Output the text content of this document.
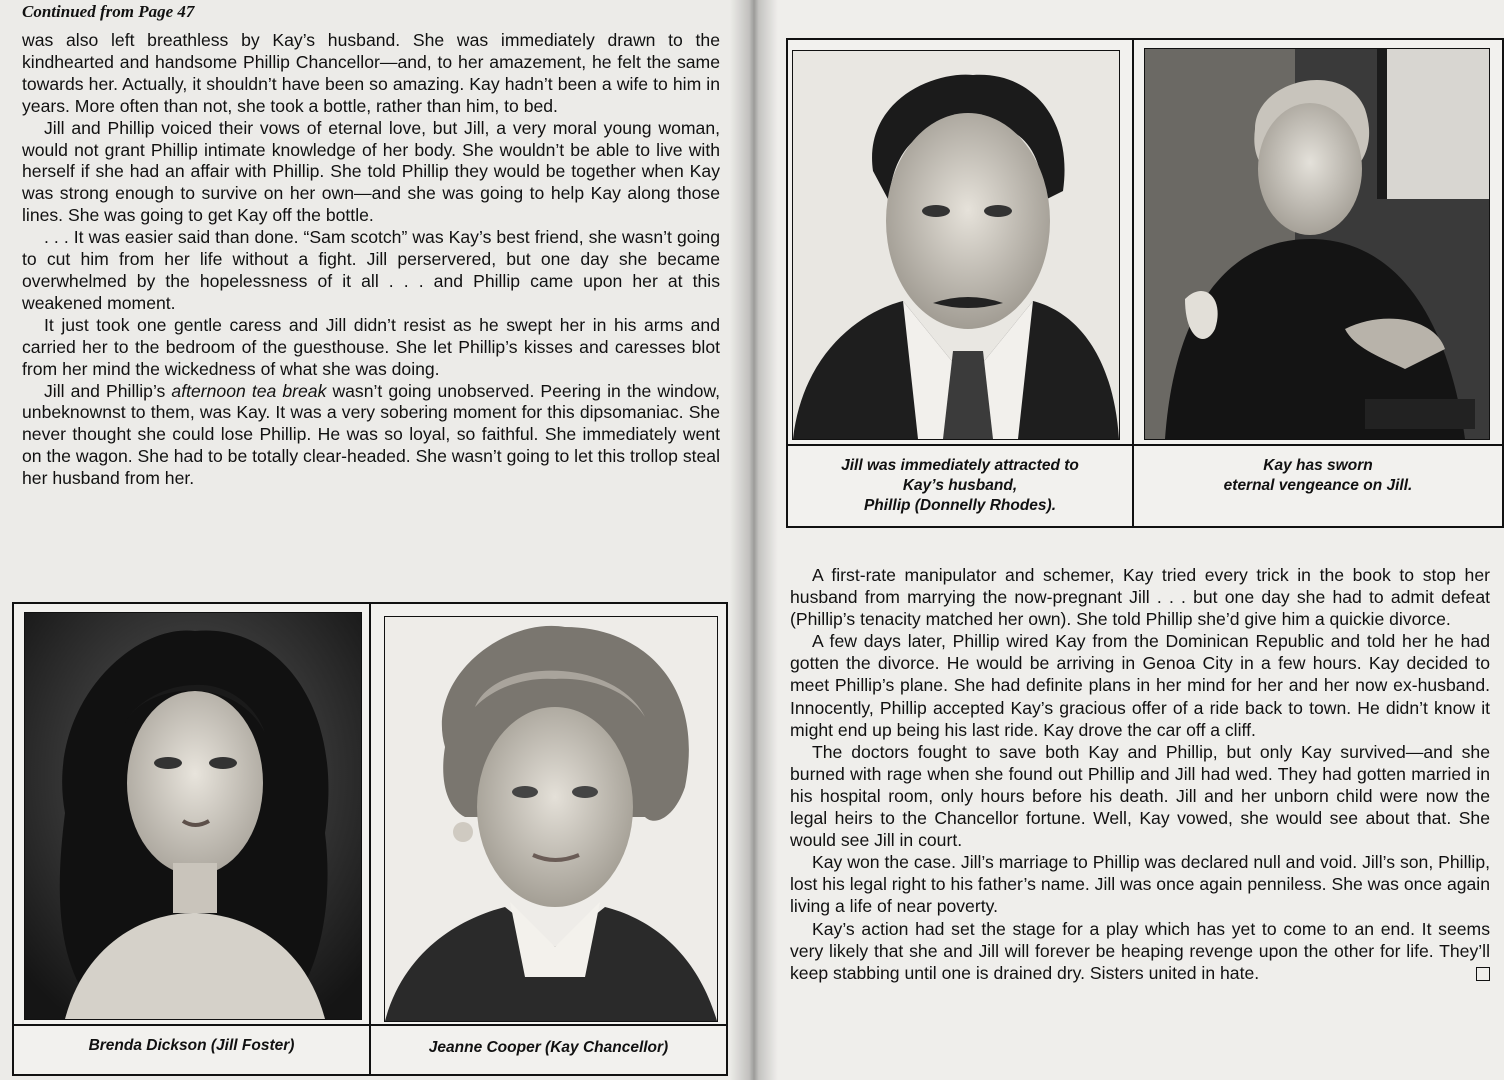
Continued from Page 47

was also left breathless by Kay’s husband. She was immediately drawn to the kindhearted and handsome Phillip Chancellor—and, to her amazement, he felt the same towards her. Actually, it shouldn’t have been so amazing. Kay hadn’t been a wife to him in years. More often than not, she took a bottle, rather than him, to bed.

Jill and Phillip voiced their vows of eternal love, but Jill, a very moral young woman, would not grant Phillip intimate knowledge of her body. She wouldn’t be able to live with herself if she had an affair with Phillip. She told Phillip they would be together when Kay was strong enough to survive on her own—and she was going to help Kay along those lines. She was going to get Kay off the bottle.

. . . It was easier said than done. “Sam scotch” was Kay’s best friend, she wasn’t going to cut him from her life without a fight. Jill perservered, but one day she became overwhelmed by the hopelessness of it all . . . and Phillip came upon her at this weakened moment.

It just took one gentle caress and Jill didn’t resist as he swept her in his arms and carried her to the bedroom of the guesthouse. She let Phillip’s kisses and caresses blot from her mind the wickedness of what she was doing.

Jill and Phillip’s afternoon tea break wasn’t going unobserved. Peering in the window, unbeknownst to them, was Kay. It was a very sobering moment for this dipsomaniac. She never thought she could lose Phillip. He was so loyal, so faithful. She immediately went on the wagon. She had to be totally clear-headed. She wasn’t going to let this trollop steal her husband from her.

Brenda Dickson (Jill Foster)	Jeanne Cooper (Kay Chancellor)
Jill was immediately attracted to
Kay’s husband,
Phillip (Donnelly Rhodes).
Kay has sworn
eternal vengeance on Jill.

A first-rate manipulator and schemer, Kay tried every trick in the book to stop her husband from marrying the now-pregnant Jill . . . but one day she had to admit defeat (Phillip’s tenacity matched her own). She told Phillip she’d give him a quickie divorce.

A few days later, Phillip wired Kay from the Dominican Republic and told her he had gotten the divorce. He would be arriving in Genoa City in a few hours. Kay decided to meet Phillip’s plane. She had definite plans in her mind for her and her now ex-husband. Innocently, Phillip accepted Kay’s gracious offer of a ride back to town. He didn’t know it might end up being his last ride. Kay drove the car off a cliff.

The doctors fought to save both Kay and Phillip, but only Kay survived—and she burned with rage when she found out Phillip and Jill had wed. They had gotten married in his hospital room, only hours before his death. Jill and her unborn child were now the legal heirs to the Chancellor fortune. Well, Kay vowed, she would see about that. She would see Jill in court.

Kay won the case. Jill’s marriage to Phillip was declared null and void. Jill’s son, Phillip, lost his legal right to his father’s name. Jill was once again penniless. She was once again living a life of near poverty.

Kay’s action had set the stage for a play which has yet to come to an end. It seems very likely that she and Jill will forever be heaping revenge upon the other for life. They’ll keep stabbing until one is drained dry. Sisters united in hate.
